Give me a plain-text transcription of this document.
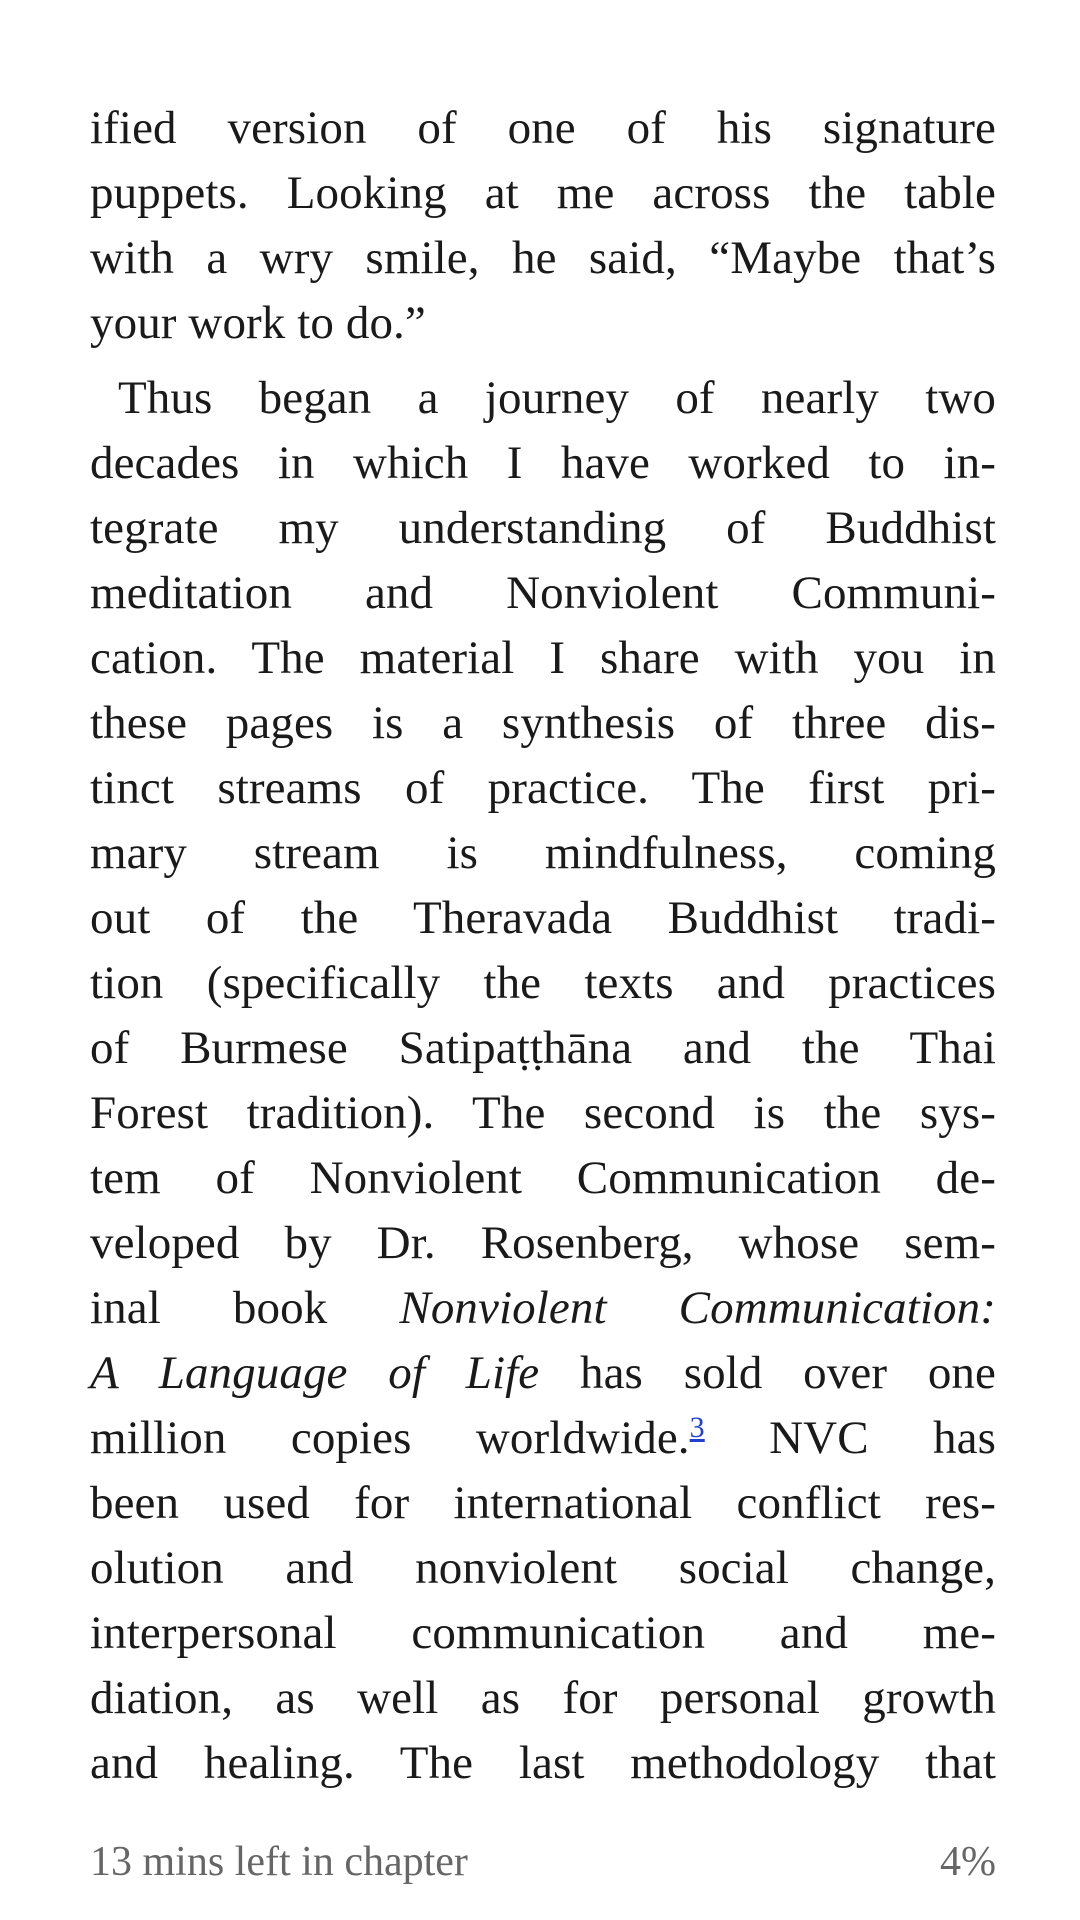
ified version of one of his signature
puppets. Looking at me across the table
with a wry smile, he said, “Maybe that’s
your work to do.”
Thus began a journey of nearly two
decades in which I have worked to in-
tegrate my understanding of Buddhist
meditation and Nonviolent Communi-
cation. The material I share with you in
these pages is a synthesis of three dis-
tinct streams of practice. The first pri-
mary stream is mindfulness, coming
out of the Theravada Buddhist tradi-
tion (specifically the texts and practices
of Burmese Satipaṭṭhāna and the Thai
Forest tradition). The second is the sys-
tem of Nonviolent Communication de-
veloped by Dr. Rosenberg, whose sem-
inal book Nonviolent Communication:
A Language of Life has sold over one
million copies worldwide.$^3$ NVC has
been used for international conflict res-
olution and nonviolent social change,
interpersonal communication and me-
diation, as well as for personal growth
and healing. The last methodology that
13 mins left in chapter	4%
